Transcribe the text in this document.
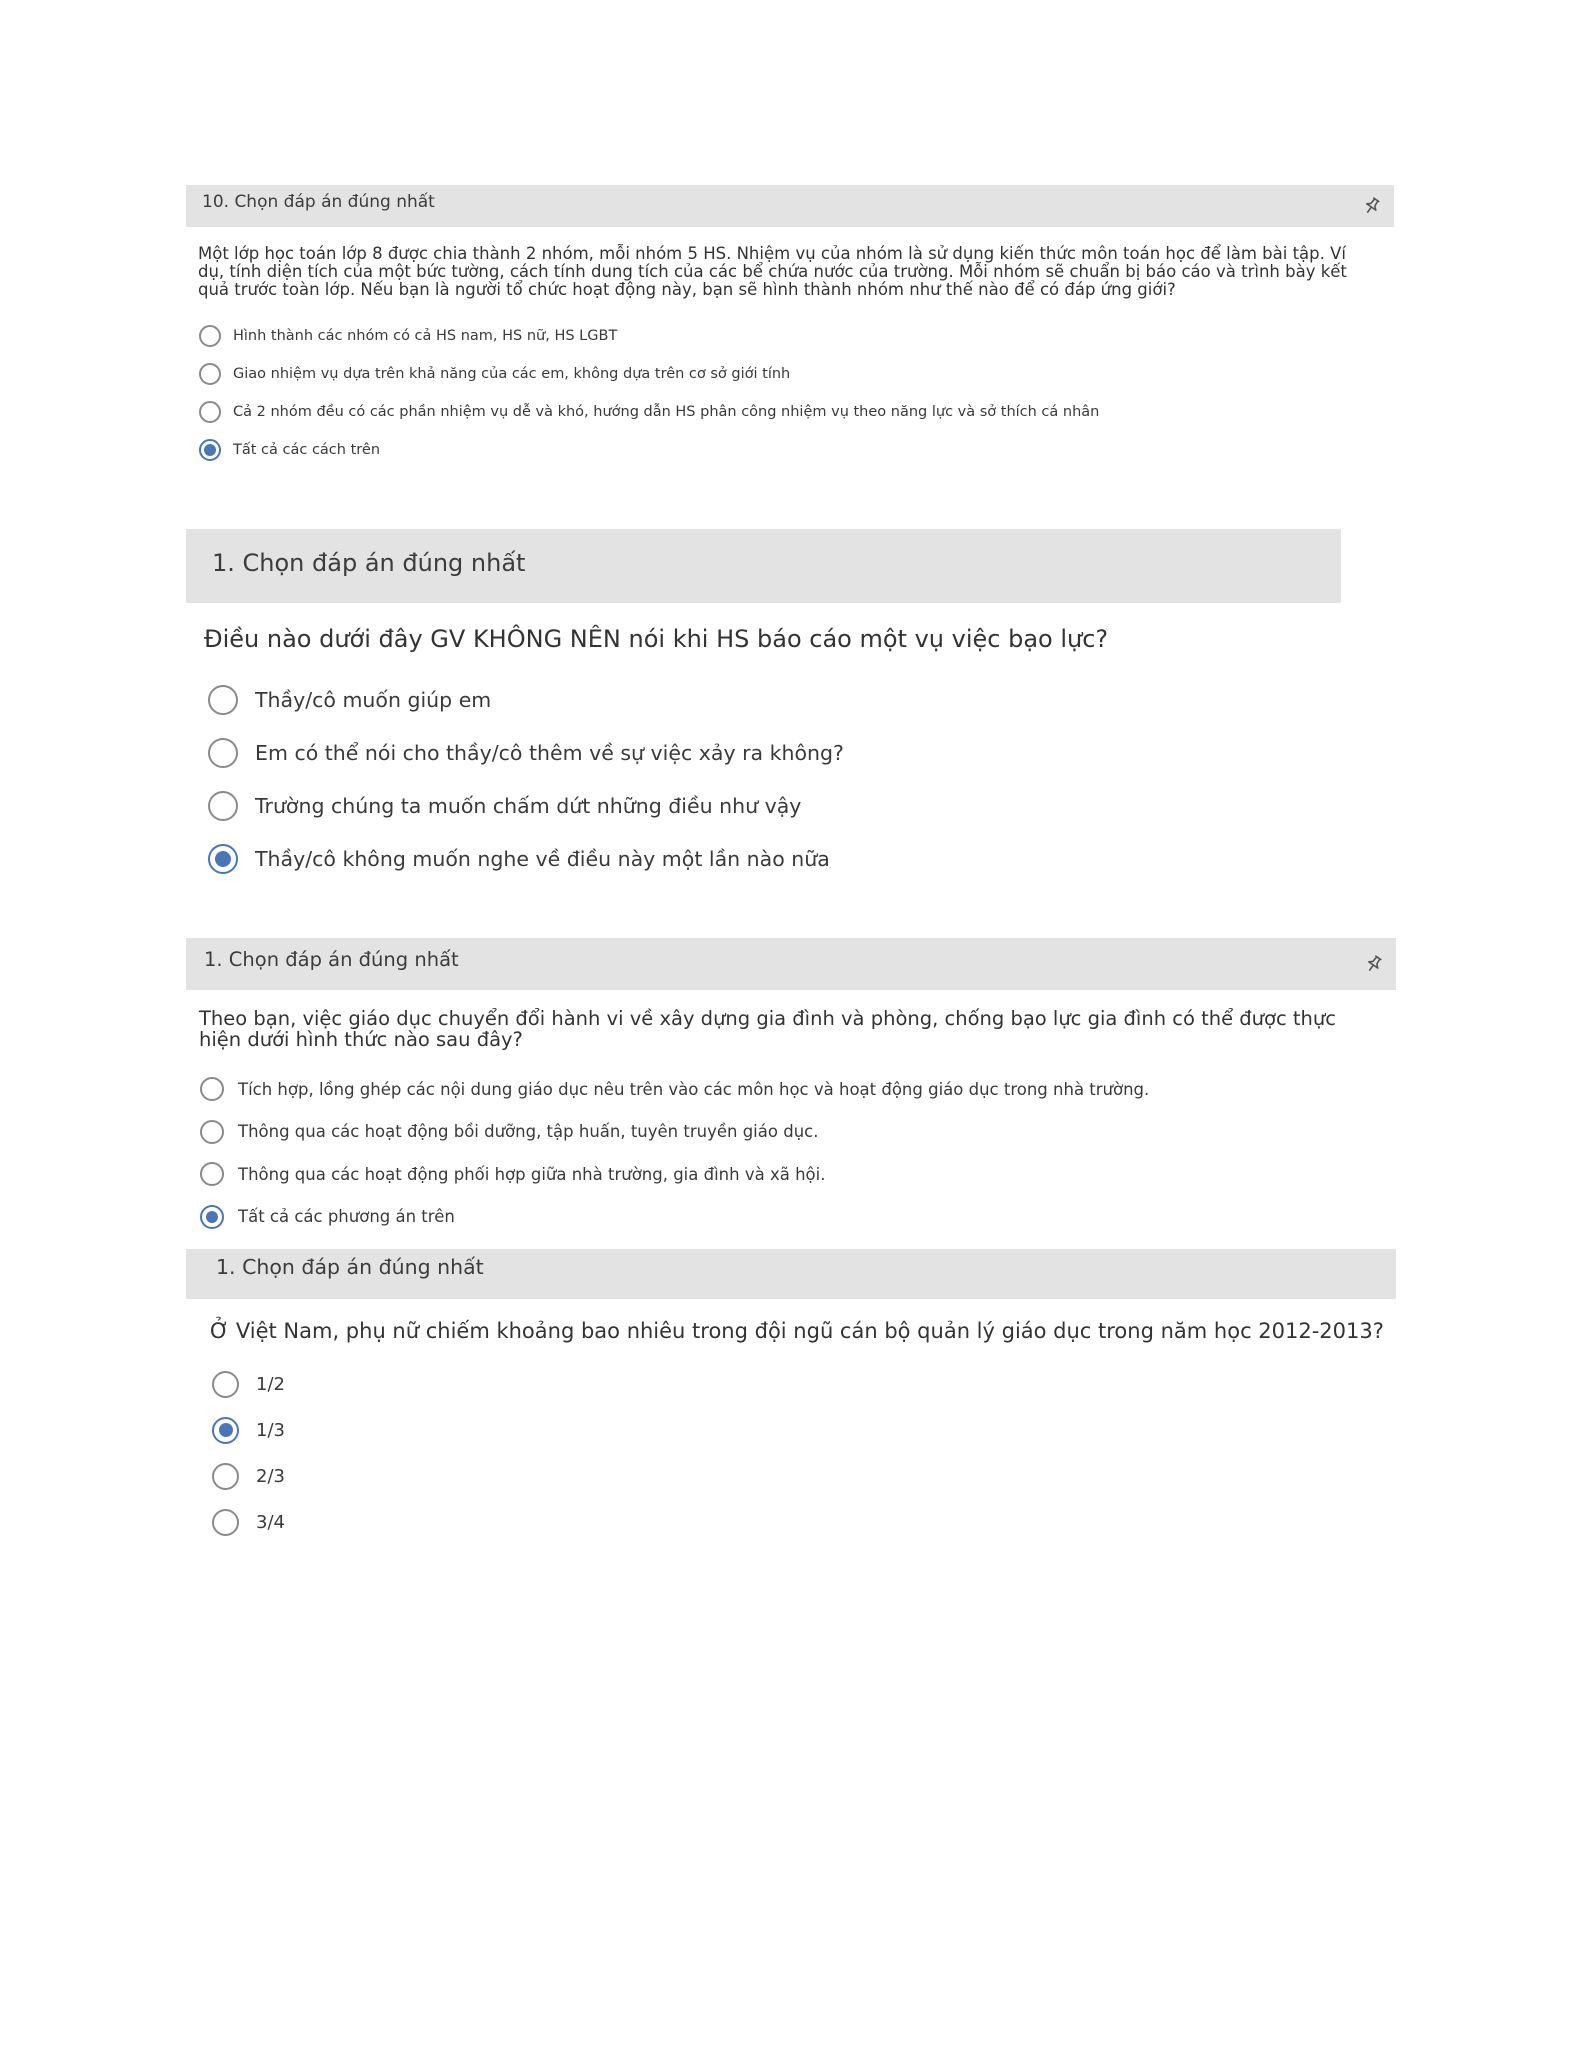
10. Chọn đáp án đúng nhất

Một lớp học toán lớp 8 được chia thành 2 nhóm, mỗi nhóm 5 HS. Nhiệm vụ của nhóm là sử dụng kiến thức môn toán học để làm bài tập. Ví dụ, tính diện tích của một bức tường, cách tính dung tích của các bể chứa nước của trường. Mỗi nhóm sẽ chuẩn bị báo cáo và trình bày kết quả trước toàn lớp. Nếu bạn là người tổ chức hoạt động này, bạn sẽ hình thành nhóm như thế nào để có đáp ứng giới?

Hình thành các nhóm có cả HS nam, HS nữ, HS LGBT
Giao nhiệm vụ dựa trên khả năng của các em, không dựa trên cơ sở giới tính
Cả 2 nhóm đều có các phần nhiệm vụ dễ và khó, hướng dẫn HS phân công nhiệm vụ theo năng lực và sở thích cá nhân
Tất cả các cách trên
1. Chọn đáp án đúng nhất

Điều nào dưới đây GV KHÔNG NÊN nói khi HS báo cáo một vụ việc bạo lực?

Thầy/cô muốn giúp em
Em có thể nói cho thầy/cô thêm về sự việc xảy ra không?
Trường chúng ta muốn chấm dứt những điều như vậy
Thầy/cô không muốn nghe về điều này một lần nào nữa
1. Chọn đáp án đúng nhất

Theo bạn, việc giáo dục chuyển đổi hành vi về xây dựng gia đình và phòng, chống bạo lực gia đình có thể được thực hiện dưới hình thức nào sau đây?

Tích hợp, lồng ghép các nội dung giáo dục nêu trên vào các môn học và hoạt động giáo dục trong nhà trường.
Thông qua các hoạt động bồi dưỡng, tập huấn, tuyên truyền giáo dục.
Thông qua các hoạt động phối hợp giữa nhà trường, gia đình và xã hội.
Tất cả các phương án trên
1. Chọn đáp án đúng nhất

Ở Việt Nam, phụ nữ chiếm khoảng bao nhiêu trong đội ngũ cán bộ quản lý giáo dục trong năm học 2012-2013?

1/2
1/3
2/3
3/4
